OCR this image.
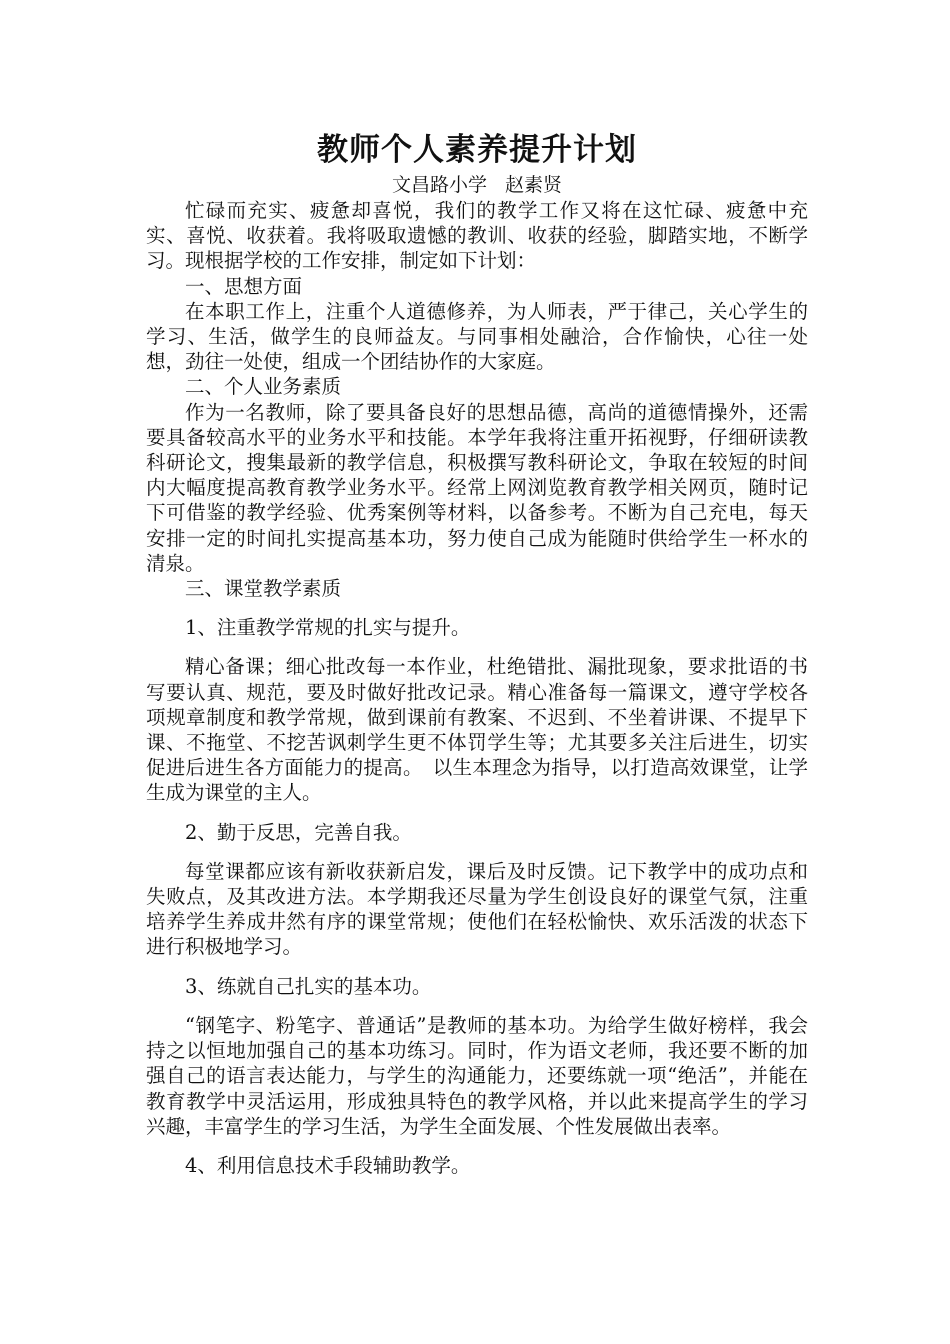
教师个人素养提升计划

文昌路小学   赵素贤

忙碌而充实、疲惫却喜悦，我们的教学工作又将在这忙碌、疲惫中充实、喜悦、收获着。我将吸取遗憾的教训、收获的经验，脚踏实地，不断学习。现根据学校的工作安排，制定如下计划：

一、思想方面

在本职工作上，注重个人道德修养，为人师表，严于律己，关心学生的学习、生活，做学生的良师益友。与同事相处融洽，合作愉快，心往一处想，劲往一处使，组成一个团结协作的大家庭。

二、个人业务素质

作为一名教师，除了要具备良好的思想品德，高尚的道德情操外，还需要具备较高水平的业务水平和技能。本学年我将注重开拓视野，仔细研读教科研论文，搜集最新的教学信息，积极撰写教科研论文，争取在较短的时间内大幅度提高教育教学业务水平。经常上网浏览教育教学相关网页，随时记下可借鉴的教学经验、优秀案例等材料，以备参考。不断为自己充电，每天安排一定的时间扎实提高基本功，努力使自己成为能随时供给学生一杯水的清泉。

三、课堂教学素质

1、注重教学常规的扎实与提升。

精心备课；细心批改每一本作业，杜绝错批、漏批现象，要求批语的书写要认真、规范，要及时做好批改记录。精心准备每一篇课文，遵守学校各项规章制度和教学常规，做到课前有教案、不迟到、不坐着讲课、不提早下课、不拖堂、不挖苦讽刺学生更不体罚学生等；尤其要多关注后进生，切实促进后进生各方面能力的提高。　以生本理念为指导，以打造高效课堂，让学生成为课堂的主人。

2、勤于反思，完善自我。

每堂课都应该有新收获新启发，课后及时反馈。记下教学中的成功点和失败点，及其改进方法。本学期我还尽量为学生创设良好的课堂气氛，注重培养学生养成井然有序的课堂常规；使他们在轻松愉快、欢乐活泼的状态下进行积极地学习。

3、练就自己扎实的基本功。

“钢笔字、粉笔字、普通话”是教师的基本功。为给学生做好榜样，我会持之以恒地加强自己的基本功练习。同时，作为语文老师，我还要不断的加强自己的语言表达能力，与学生的沟通能力，还要练就一项“绝活”，并能在教育教学中灵活运用，形成独具特色的教学风格，并以此来提高学生的学习兴趣，丰富学生的学习生活，为学生全面发展、个性发展做出表率。

4、利用信息技术手段辅助教学。
